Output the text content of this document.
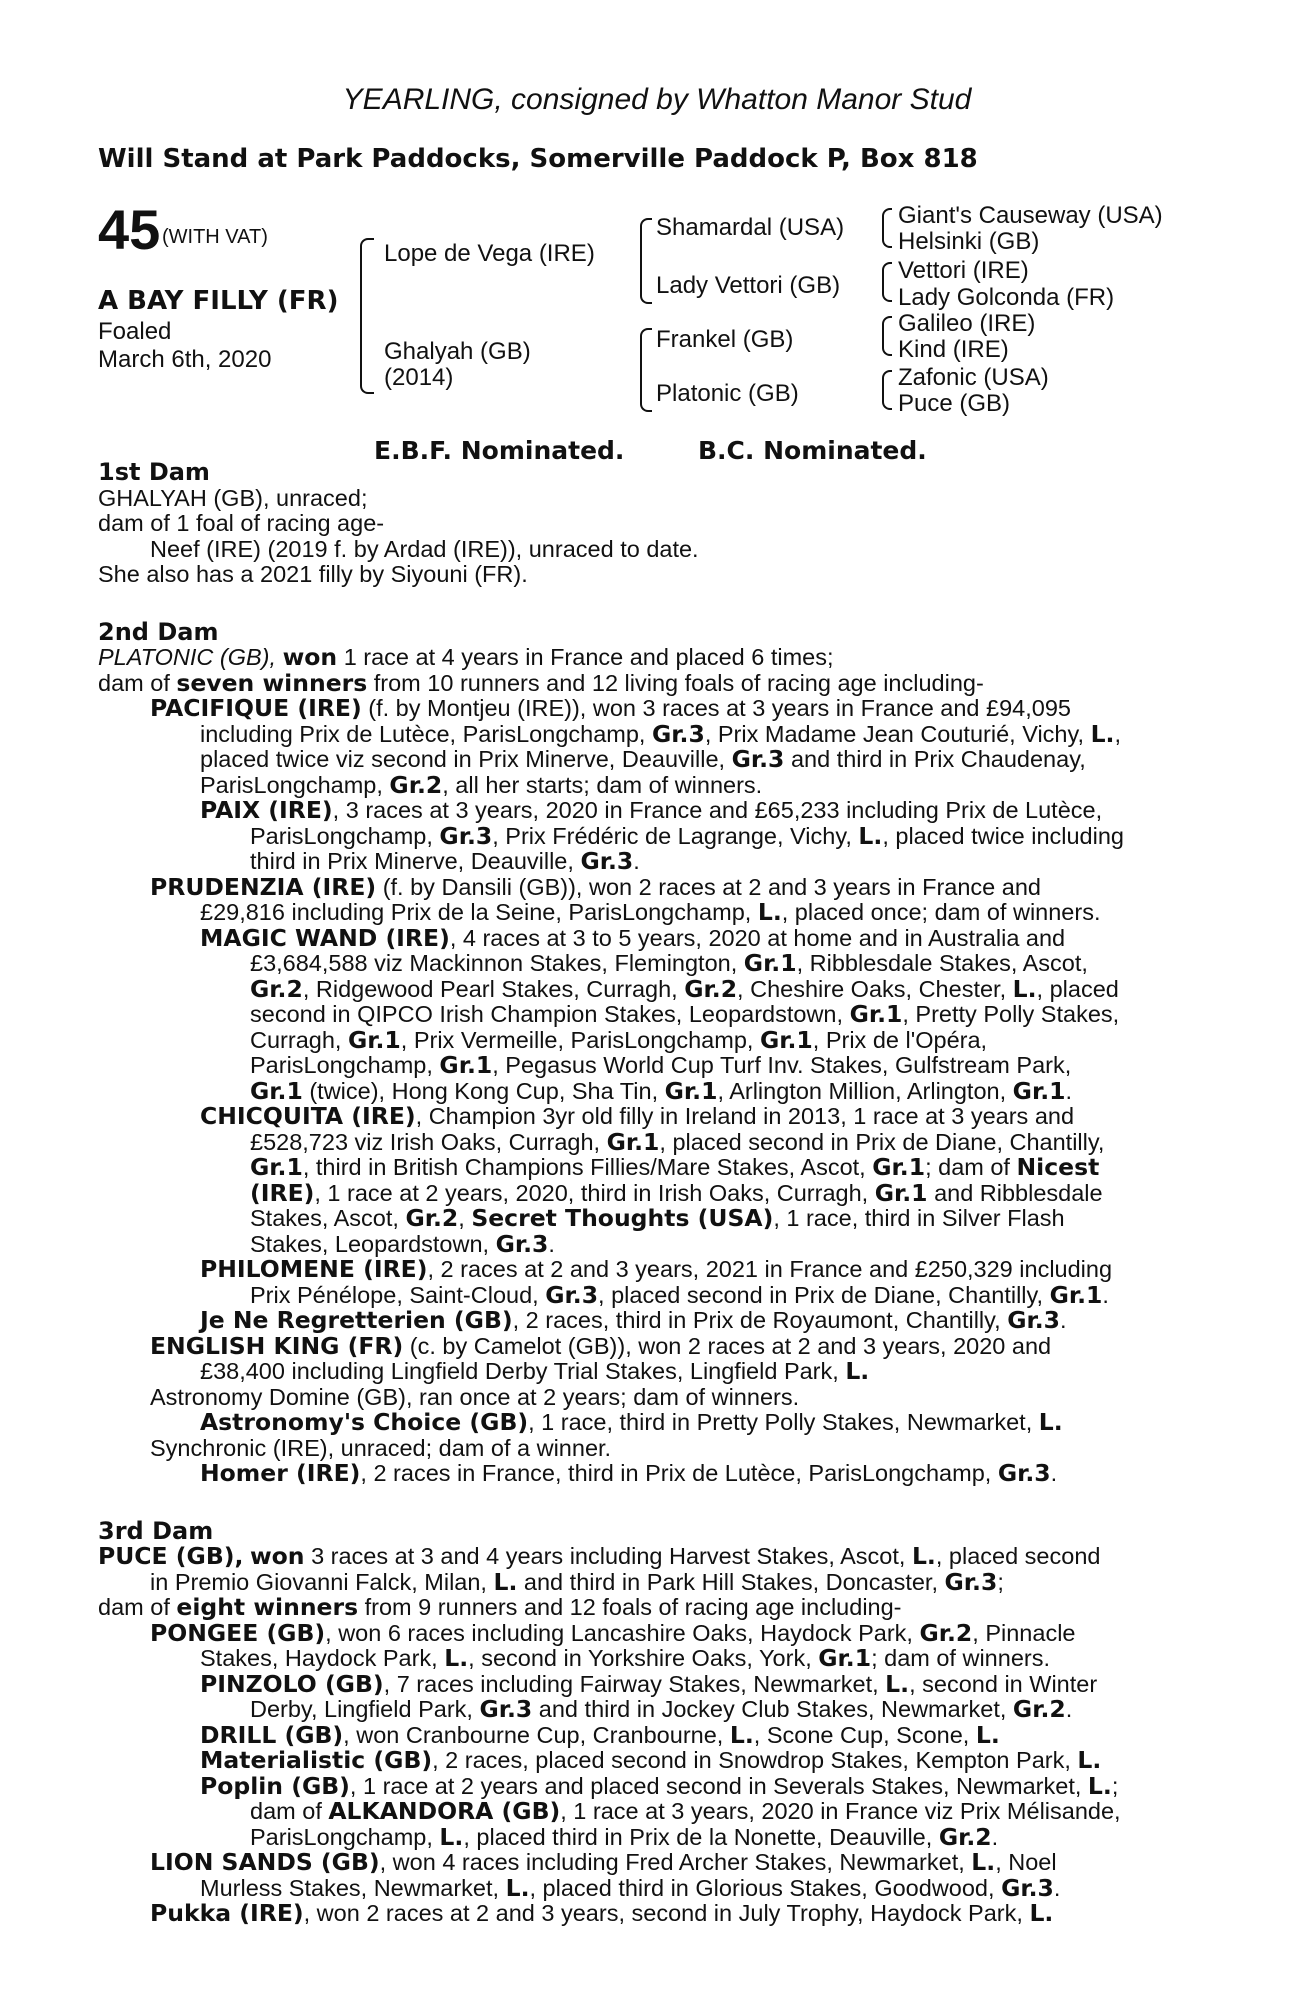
YEARLING, consigned by Whatton Manor Stud
Will Stand at Park Paddocks, Somerville Paddock P, Box 818
45 (WITH VAT)
A BAY FILLY (FR)
Foaled
March 6th, 2020
Lope de Vega (IRE)
Ghalyah (GB)
(2014)
Shamardal (USA)
Lady Vettori (GB)
Frankel (GB)
Platonic (GB)
Giant's Causeway (USA)
Helsinki (GB)
Vettori (IRE)
Lady Golconda (FR)
Galileo (IRE)
Kind (IRE)
Zafonic (USA)
Puce (GB)
E.B.F. Nominated.	B.C. Nominated.
1st Dam
GHALYAH (GB), unraced;
dam of 1 foal of racing age-
Neef (IRE) (2019 f. by Ardad (IRE)), unraced to date.
She also has a 2021 filly by Siyouni (FR).
2nd Dam
PLATONIC (GB), won 1 race at 4 years in France and placed 6 times;
dam of seven winners from 10 runners and 12 living foals of racing age including-
PACIFIQUE (IRE) (f. by Montjeu (IRE)), won 3 races at 3 years in France and £94,095
including Prix de Lutèce, ParisLongchamp, Gr.3, Prix Madame Jean Couturié, Vichy, L.,
placed twice viz second in Prix Minerve, Deauville, Gr.3 and third in Prix Chaudenay,
ParisLongchamp, Gr.2, all her starts; dam of winners.
PAIX (IRE), 3 races at 3 years, 2020 in France and £65,233 including Prix de Lutèce,
ParisLongchamp, Gr.3, Prix Frédéric de Lagrange, Vichy, L., placed twice including
third in Prix Minerve, Deauville, Gr.3.
PRUDENZIA (IRE) (f. by Dansili (GB)), won 2 races at 2 and 3 years in France and
£29,816 including Prix de la Seine, ParisLongchamp, L., placed once; dam of winners.
MAGIC WAND (IRE), 4 races at 3 to 5 years, 2020 at home and in Australia and
£3,684,588 viz Mackinnon Stakes, Flemington, Gr.1, Ribblesdale Stakes, Ascot,
Gr.2, Ridgewood Pearl Stakes, Curragh, Gr.2, Cheshire Oaks, Chester, L., placed
second in QIPCO Irish Champion Stakes, Leopardstown, Gr.1, Pretty Polly Stakes,
Curragh, Gr.1, Prix Vermeille, ParisLongchamp, Gr.1, Prix de l'Opéra,
ParisLongchamp, Gr.1, Pegasus World Cup Turf Inv. Stakes, Gulfstream Park,
Gr.1 (twice), Hong Kong Cup, Sha Tin, Gr.1, Arlington Million, Arlington, Gr.1.
CHICQUITA (IRE), Champion 3yr old filly in Ireland in 2013, 1 race at 3 years and
£528,723 viz Irish Oaks, Curragh, Gr.1, placed second in Prix de Diane, Chantilly,
Gr.1, third in British Champions Fillies/Mare Stakes, Ascot, Gr.1; dam of Nicest
(IRE), 1 race at 2 years, 2020, third in Irish Oaks, Curragh, Gr.1 and Ribblesdale
Stakes, Ascot, Gr.2, Secret Thoughts (USA), 1 race, third in Silver Flash
Stakes, Leopardstown, Gr.3.
PHILOMENE (IRE), 2 races at 2 and 3 years, 2021 in France and £250,329 including
Prix Pénélope, Saint-Cloud, Gr.3, placed second in Prix de Diane, Chantilly, Gr.1.
Je Ne Regretterien (GB), 2 races, third in Prix de Royaumont, Chantilly, Gr.3.
ENGLISH KING (FR) (c. by Camelot (GB)), won 2 races at 2 and 3 years, 2020 and
£38,400 including Lingfield Derby Trial Stakes, Lingfield Park, L.
Astronomy Domine (GB), ran once at 2 years; dam of winners.
Astronomy's Choice (GB), 1 race, third in Pretty Polly Stakes, Newmarket, L.
Synchronic (IRE), unraced; dam of a winner.
Homer (IRE), 2 races in France, third in Prix de Lutèce, ParisLongchamp, Gr.3.
3rd Dam
PUCE (GB), won 3 races at 3 and 4 years including Harvest Stakes, Ascot, L., placed second
in Premio Giovanni Falck, Milan, L. and third in Park Hill Stakes, Doncaster, Gr.3;
dam of eight winners from 9 runners and 12 foals of racing age including-
PONGEE (GB), won 6 races including Lancashire Oaks, Haydock Park, Gr.2, Pinnacle
Stakes, Haydock Park, L., second in Yorkshire Oaks, York, Gr.1; dam of winners.
PINZOLO (GB), 7 races including Fairway Stakes, Newmarket, L., second in Winter
Derby, Lingfield Park, Gr.3 and third in Jockey Club Stakes, Newmarket, Gr.2.
DRILL (GB), won Cranbourne Cup, Cranbourne, L., Scone Cup, Scone, L.
Materialistic (GB), 2 races, placed second in Snowdrop Stakes, Kempton Park, L.
Poplin (GB), 1 race at 2 years and placed second in Severals Stakes, Newmarket, L.;
dam of ALKANDORA (GB), 1 race at 3 years, 2020 in France viz Prix Mélisande,
ParisLongchamp, L., placed third in Prix de la Nonette, Deauville, Gr.2.
LION SANDS (GB), won 4 races including Fred Archer Stakes, Newmarket, L., Noel
Murless Stakes, Newmarket, L., placed third in Glorious Stakes, Goodwood, Gr.3.
Pukka (IRE), won 2 races at 2 and 3 years, second in July Trophy, Haydock Park, L.
